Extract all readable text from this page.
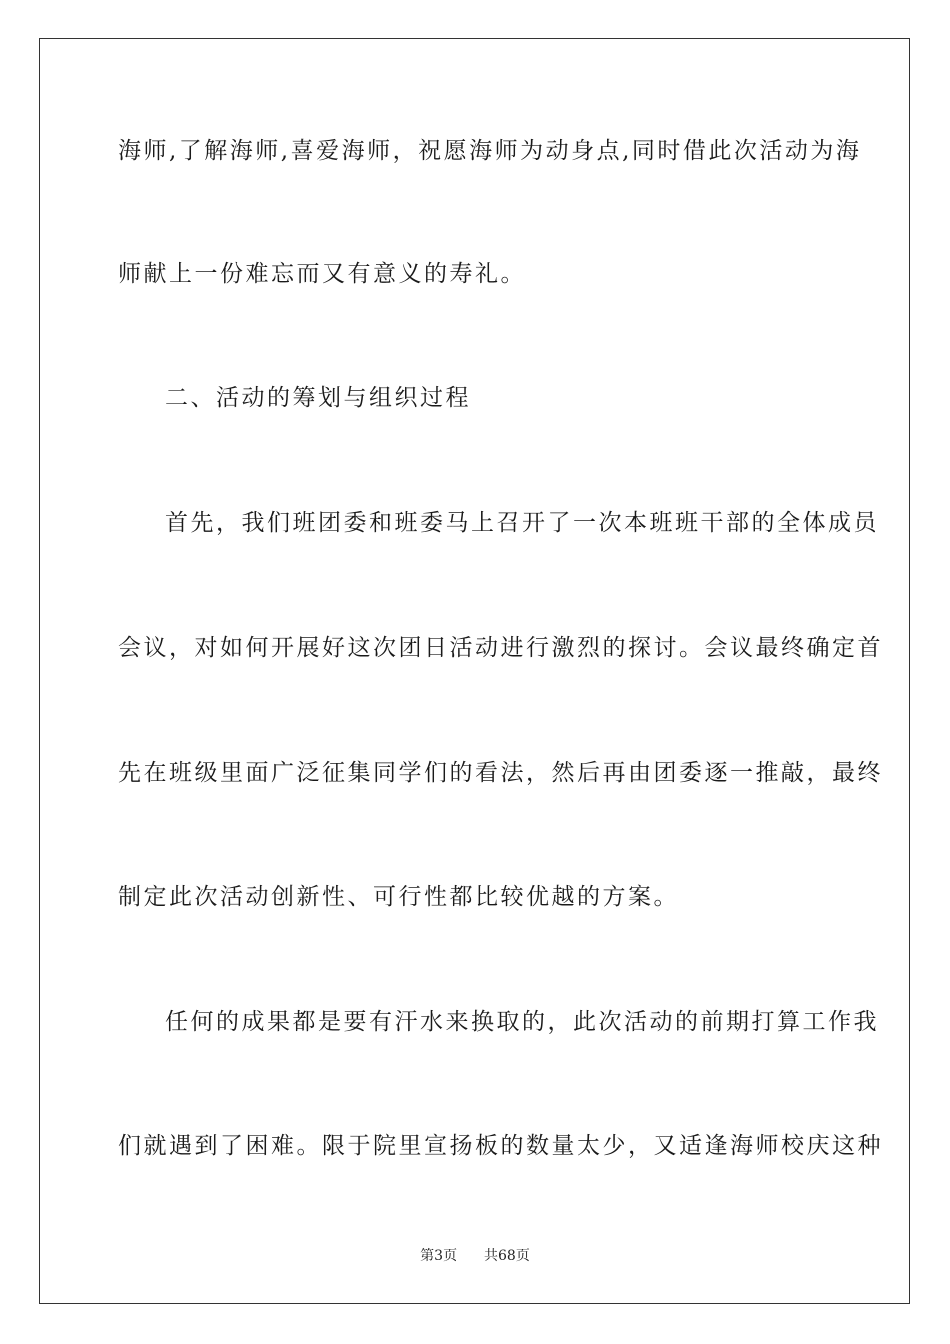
海师,了解海师,喜爱海师，祝愿海师为动身点,同时借此次活动为海
师献上一份难忘而又有意义的寿礼。
二、活动的筹划与组织过程
首先，我们班团委和班委马上召开了一次本班班干部的全体成员
会议，对如何开展好这次团日活动进行激烈的探讨。会议最终确定首
先在班级里面广泛征集同学们的看法，然后再由团委逐一推敲，最终
制定此次活动创新性、可行性都比较优越的方案。
任何的成果都是要有汗水来换取的，此次活动的前期打算工作我
们就遇到了困难。限于院里宣扬板的数量太少，又适逢海师校庆这种
第3页 共68页
